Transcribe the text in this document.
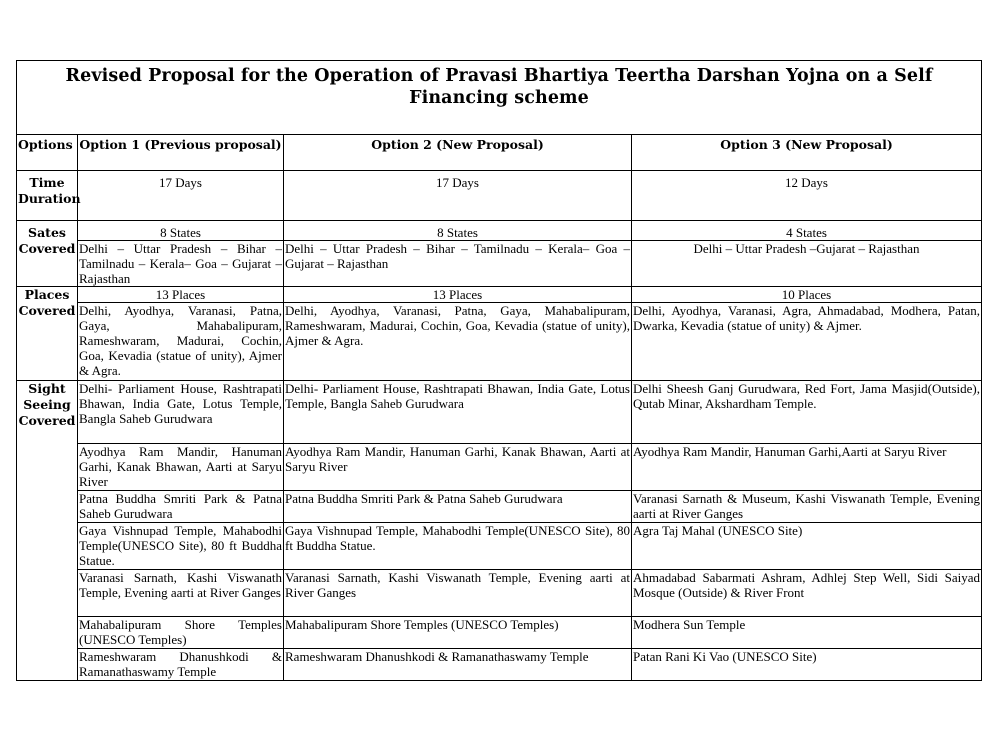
Revised Proposal for the Operation of Pravasi Bhartiya Teertha Darshan Yojna on a Self Financing scheme			
Options	Option 1 (Previous proposal)	Option 2 (New Proposal)	Option 3 (New Proposal)
Time Duration	17 Days	17 Days	12 Days
Sates Covered	8 States	8 States	4 States
	Delhi – Uttar Pradesh – Bihar – Tamilnadu – Kerala– Goa – Gujarat – Rajasthan	Delhi – Uttar Pradesh – Bihar – Tamilnadu – Kerala– Goa – Gujarat – Rajasthan	Delhi – Uttar Pradesh –Gujarat – Rajasthan
Places Covered	13 Places	13 Places	10 Places
	Delhi, Ayodhya, Varanasi, Patna, Gaya, Mahabalipuram, Rameshwaram, Madurai, Cochin, Goa, Kevadia (statue of unity), Ajmer & Agra.	Delhi, Ayodhya, Varanasi, Patna, Gaya, Mahabalipuram, Rameshwaram, Madurai, Cochin, Goa, Kevadia (statue of unity), Ajmer & Agra.	Delhi, Ayodhya, Varanasi, Agra, Ahmadabad, Modhera, Patan, Dwarka, Kevadia (statue of unity) & Ajmer.
Sight Seeing Covered	Delhi- Parliament House, Rashtrapati Bhawan, India Gate, Lotus Temple, Bangla Saheb Gurudwara	Delhi- Parliament House, Rashtrapati Bhawan, India Gate, Lotus Temple, Bangla Saheb Gurudwara	Delhi Sheesh Ganj Gurudwara, Red Fort, Jama Masjid(Outside), Qutab Minar, Akshardham Temple.
	Ayodhya Ram Mandir, Hanuman Garhi, Kanak Bhawan, Aarti at Saryu River	Ayodhya Ram Mandir, Hanuman Garhi, Kanak Bhawan, Aarti at Saryu River	Ayodhya Ram Mandir, Hanuman Garhi,Aarti at Saryu River
	Patna Buddha Smriti Park & Patna Saheb Gurudwara	Patna Buddha Smriti Park & Patna Saheb Gurudwara	Varanasi Sarnath & Museum, Kashi Viswanath Temple, Evening aarti at River Ganges
	Gaya Vishnupad Temple, Mahabodhi Temple(UNESCO Site), 80 ft Buddha Statue.	Gaya Vishnupad Temple, Mahabodhi Temple(UNESCO Site), 80 ft Buddha Statue.	Agra Taj Mahal (UNESCO Site)
	Varanasi Sarnath, Kashi Viswanath Temple, Evening aarti at River Ganges	Varanasi Sarnath, Kashi Viswanath Temple, Evening aarti at River Ganges	Ahmadabad Sabarmati Ashram, Adhlej Step Well, Sidi Saiyad Mosque (Outside) & River Front
	Mahabalipuram Shore Temples (UNESCO Temples)	Mahabalipuram Shore Temples (UNESCO Temples)	Modhera Sun Temple
	Rameshwaram Dhanushkodi & Ramanathaswamy Temple	Rameshwaram Dhanushkodi & Ramanathaswamy Temple	Patan Rani Ki Vao (UNESCO Site)
